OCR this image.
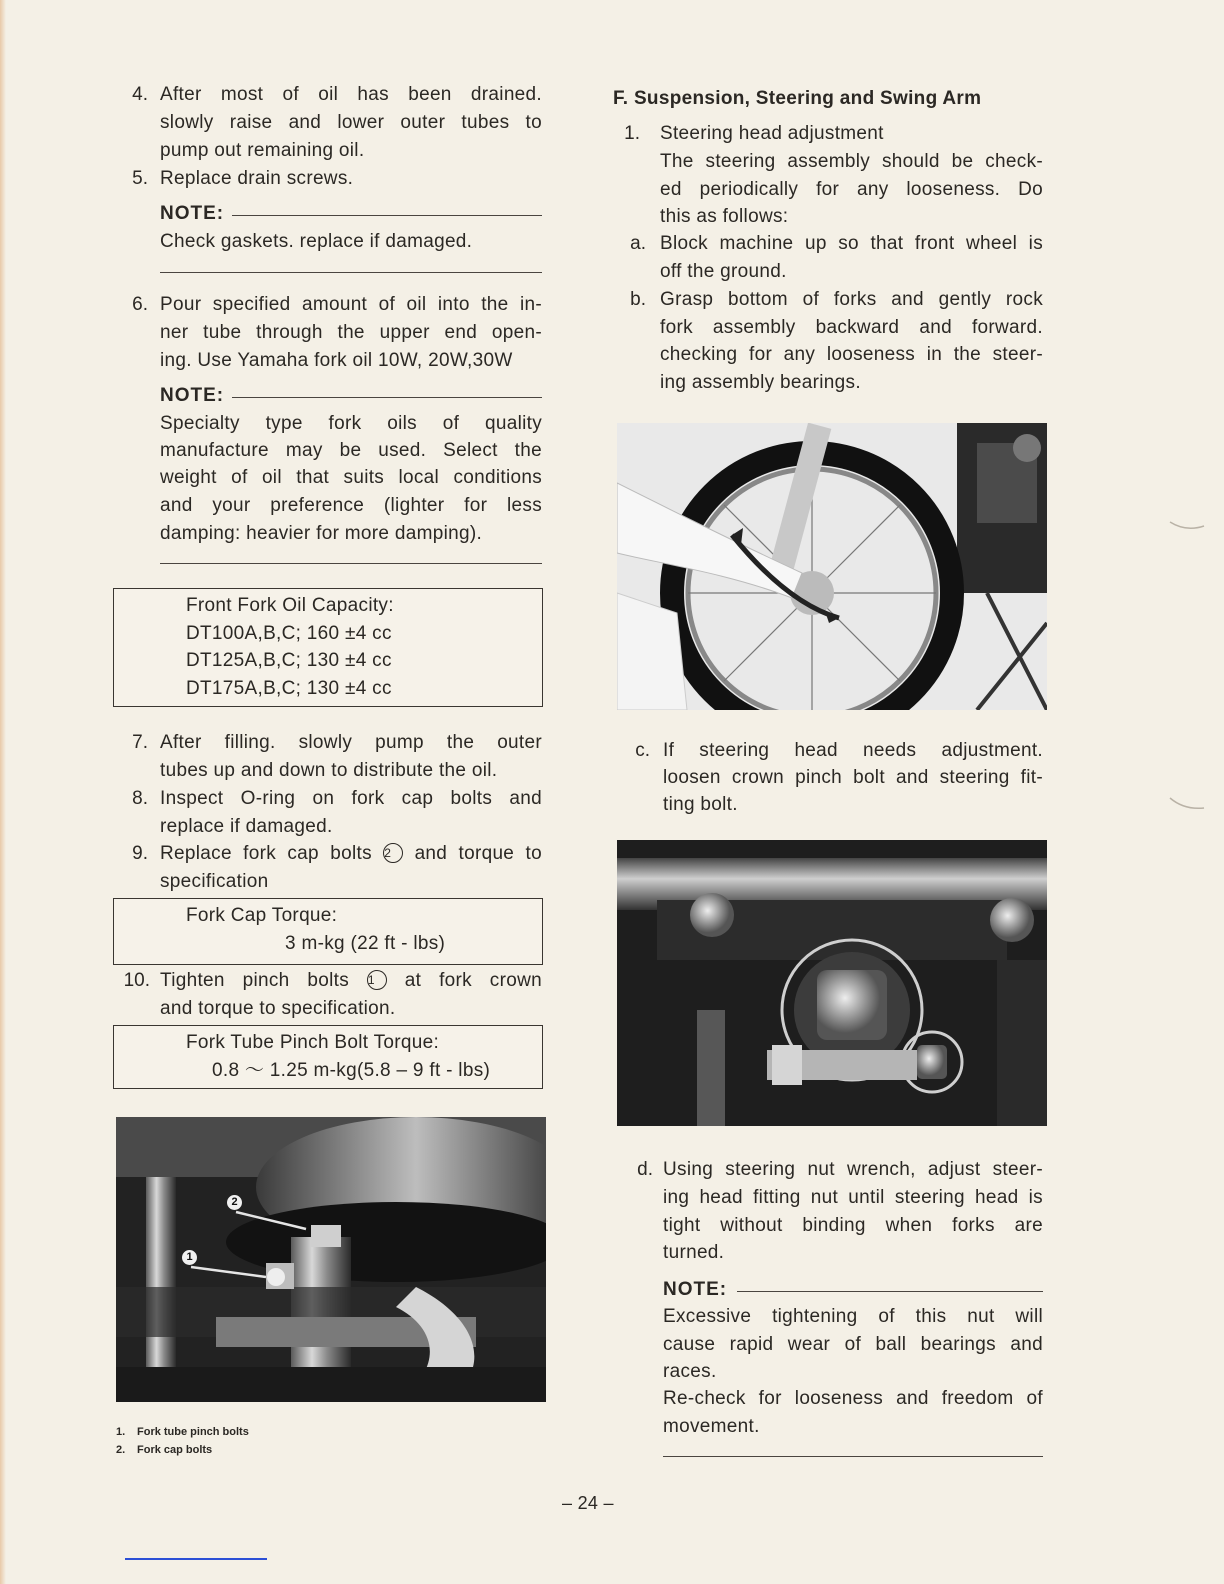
4. After most of oil has been drained.
slowly raise and lower outer tubes to
pump out remaining oil.
5. Replace drain screws.
NOTE:
Check gaskets. replace if damaged.
6. Pour specified amount of oil into the in-
ner tube through the upper end open-
ing. Use Yamaha fork oil 10W, 20W,30W
NOTE:
Specialty type fork oils of quality
manufacture may be used. Select the
weight of oil that suits local conditions
and your preference (lighter for less
damping: heavier for more damping).
Front Fork Oil Capacity:
DT100A,B,C; 160 ±4 cc
DT125A,B,C; 130 ±4 cc
DT175A,B,C; 130 ±4 cc
7. After filling. slowly pump the outer
tubes up and down to distribute the oil.
8. Inspect O-ring on fork cap bolts and
replace if damaged.
9. Replace fork cap bolts 2 and torque to
specification
Fork Cap Torque:
3 m-kg (22 ft - lbs)
10. Tighten pinch bolts 1 at fork crown
and torque to specification.
Fork Tube Pinch Bolt Torque:
0.8 ～ 1.25 m-kg(5.8 – 9 ft - lbs)
2
1
1. Fork tube pinch bolts
2. Fork cap bolts
F. Suspension, Steering and Swing Arm
1. Steering head adjustment
The steering assembly should be check-
ed periodically for any looseness. Do
this as follows:
a. Block machine up so that front wheel is
off the ground.
b. Grasp bottom of forks and gently rock
fork assembly backward and forward.
checking for any looseness in the steer-
ing assembly bearings.
c. If steering head needs adjustment.
loosen crown pinch bolt and steering fit-
ting bolt.
d. Using steering nut wrench, adjust steer-
ing head fitting nut until steering head is
tight without binding when forks are
turned.
NOTE:
Excessive tightening of this nut will
cause rapid wear of ball bearings and
races.
Re-check for looseness and freedom of
movement.
– 24 –
